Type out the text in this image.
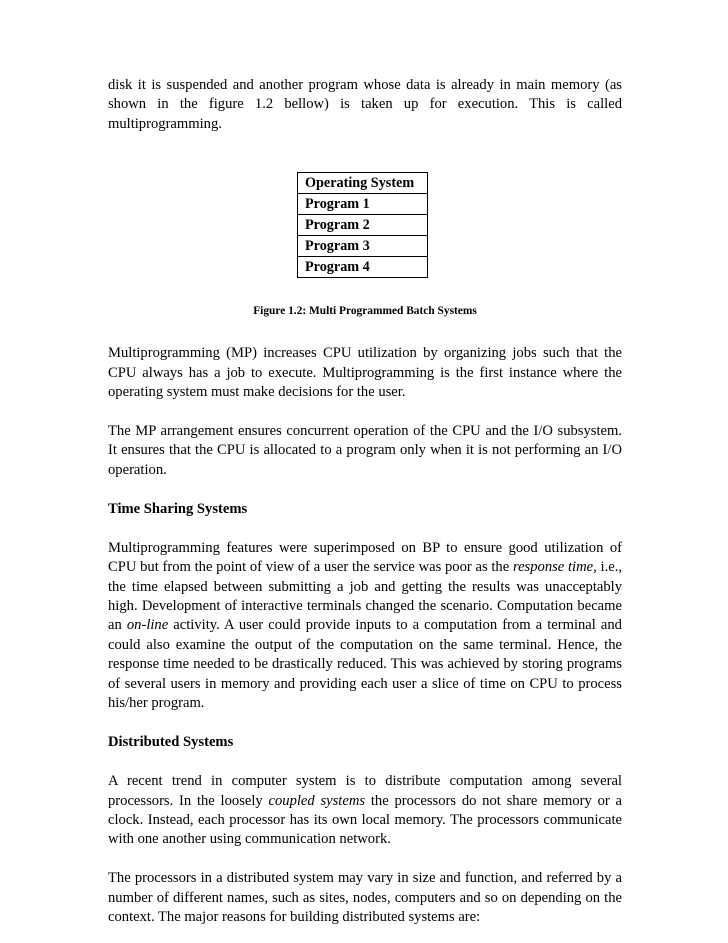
disk it is suspended and another program whose data is already in main memory (as shown in the figure 1.2 bellow) is taken up for execution. This is called multiprogramming.

Operating System
Program 1
Program 2
Program 3
Program 4
Figure 1.2: Multi Programmed Batch Systems

Multiprogramming (MP) increases CPU utilization by organizing jobs such that the CPU always has a job to execute. Multiprogramming is the first instance where the operating system must make decisions for the user.

The MP arrangement ensures concurrent operation of the CPU and the I/O subsystem. It ensures that the CPU is allocated to a program only when it is not performing an I/O operation.

Time Sharing Systems

Multiprogramming features were superimposed on BP to ensure good utilization of CPU but from the point of view of a user the service was poor as the response time, i.e., the time elapsed between submitting a job and getting the results was unacceptably high. Development of interactive terminals changed the scenario. Computation became an on-line activity. A user could provide inputs to a computation from a terminal and could also examine the output of the computation on the same terminal. Hence, the response time needed to be drastically reduced. This was achieved by storing programs of several users in memory and providing each user a slice of time on CPU to process his/her program.

Distributed Systems

A recent trend in computer system is to distribute computation among several processors. In the loosely coupled systems the processors do not share memory or a clock. Instead, each processor has its own local memory. The processors communicate with one another using communication network.

The processors in a distributed system may vary in size and function, and referred by a number of different names, such as sites, nodes, computers and so on depending on the context. The major reasons for building distributed systems are:
